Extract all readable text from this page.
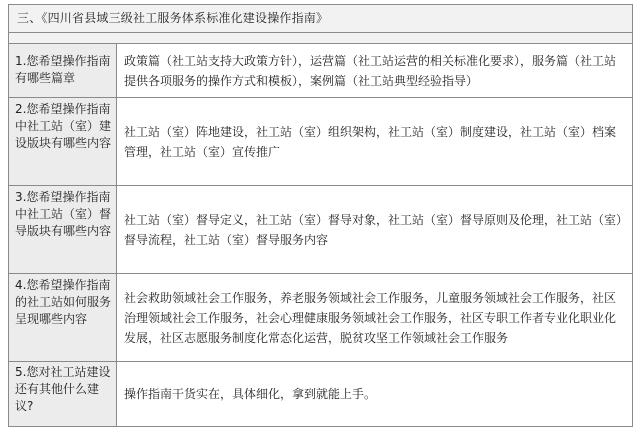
三、《四川省县域三级社工服务体系标准化建设操作指南》	

1.您希望操作指南有哪些篇章	政策篇（社工站支持大政策方针），运营篇（社工站运营的相关标准化要求），服务篇（社工站提供各项服务的操作方式和模板），案例篇（社工站典型经验指导）

2.您希望操作指南中社工站（室）建设版块有哪些内容	社工站（室）阵地建设，社工站（室）组织架构，社工站（室）制度建设，社工站（室）档案管理，社工站（室）宣传推广

3.您希望操作指南中社工站（室）督导版块有哪些内容	社工站（室）督导定义，社工站（室）督导对象，社工站（室）督导原则及伦理，社工站（室）督导流程，社工站（室）督导服务内容

4.您希望操作指南的社工站如何服务呈现哪些内容	社会救助领域社会工作服务，养老服务领域社会工作服务，儿童服务领域社会工作服务，社区治理领域社会工作服务，社会心理健康服务领域社会工作服务，社区专职工作者专业化职业化发展，社区志愿服务制度化常态化运营，脱贫攻坚工作领域社会工作服务

5.您对社工站建设还有其他什么建议?	操作指南干货实在，具体细化，拿到就能上手。
